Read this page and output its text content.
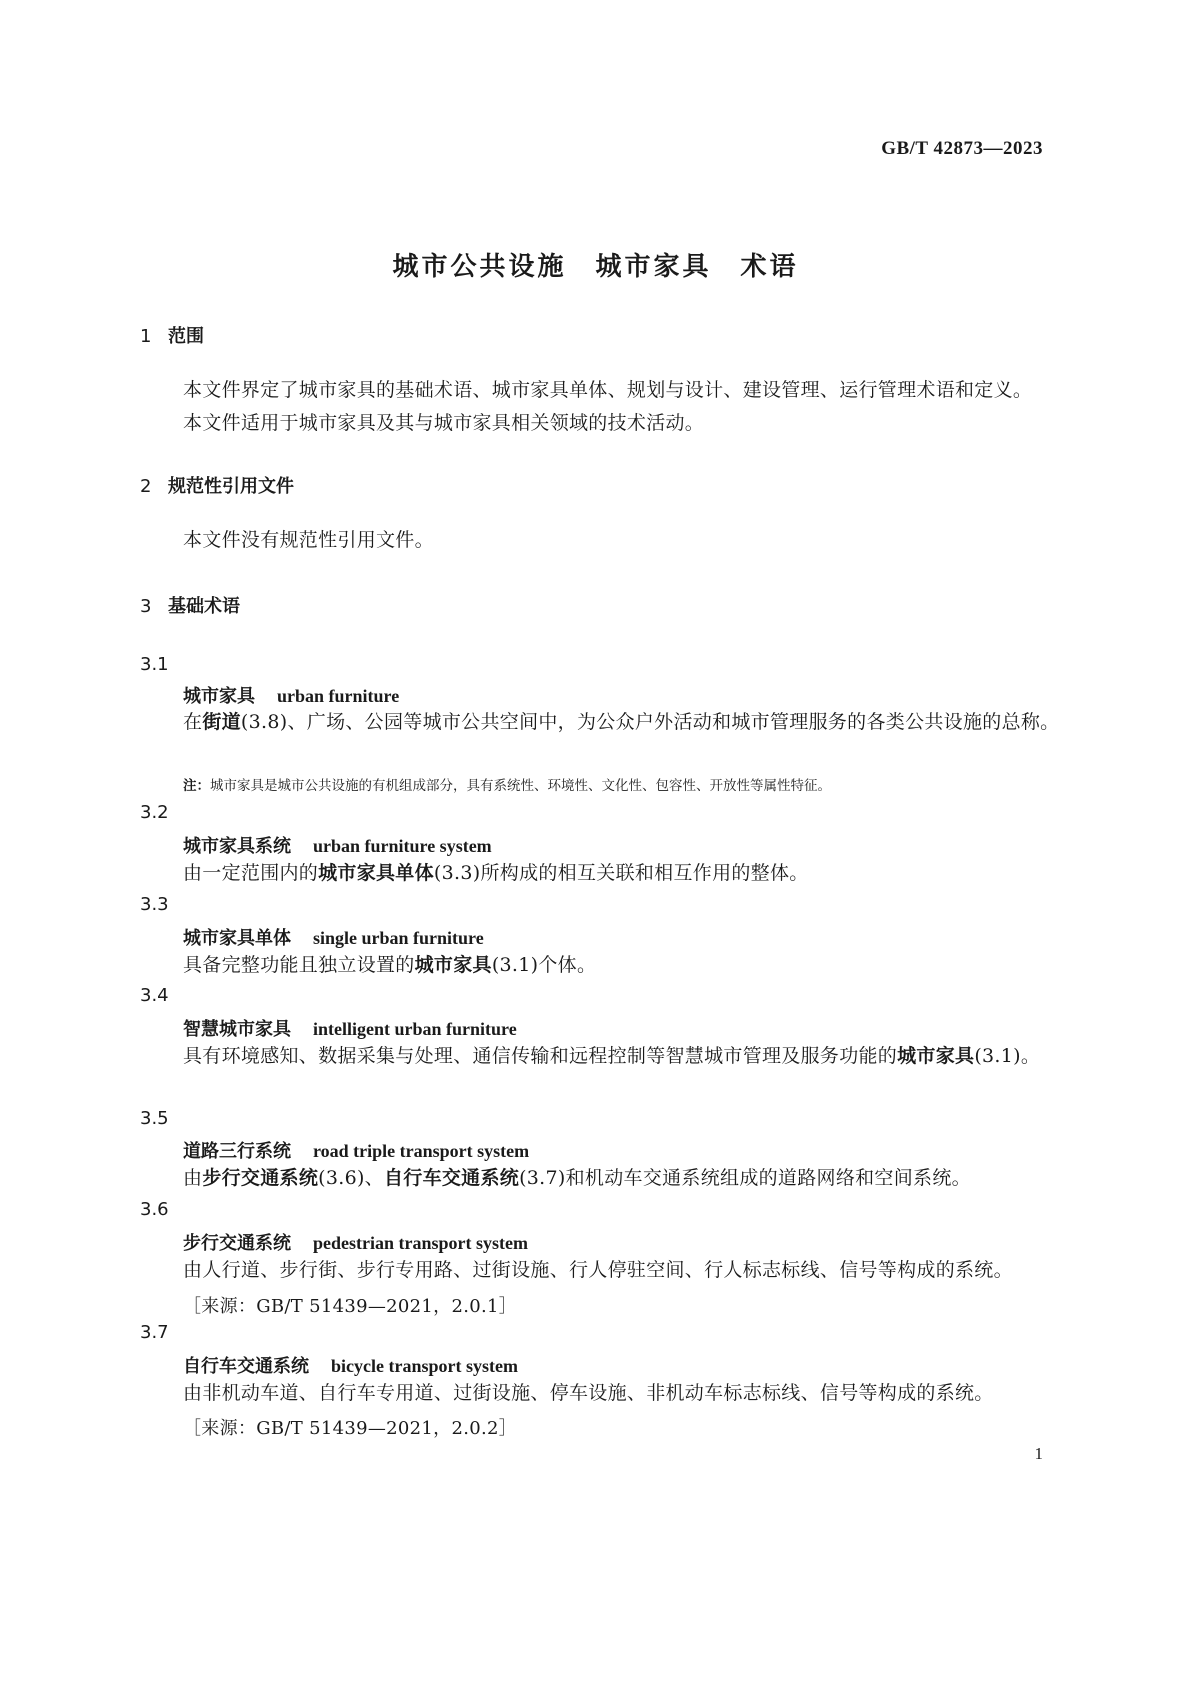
GB/T 42873—2023
城市公共设施　城市家具　术语
1 范围

本文件界定了城市家具的基础术语、城市家具单体、规划与设计、建设管理、运行管理术语和定义。

本文件适用于城市家具及其与城市家具相关领域的技术活动。

2 规范性引用文件

本文件没有规范性引用文件。

3 基础术语

3.1

城市家具 urban furniture

在街道(3.8)、广场、公园等城市公共空间中，为公众户外活动和城市管理服务的各类公共设施的总称。

注：城市家具是城市公共设施的有机组成部分，具有系统性、环境性、文化性、包容性、开放性等属性特征。

3.2

城市家具系统 urban furniture system

由一定范围内的城市家具单体(3.3)所构成的相互关联和相互作用的整体。

3.3

城市家具单体 single urban furniture

具备完整功能且独立设置的城市家具(3.1)个体。

3.4

智慧城市家具 intelligent urban furniture

具有环境感知、数据采集与处理、通信传输和远程控制等智慧城市管理及服务功能的城市家具(3.1)。

3.5

道路三行系统 road triple transport system

由步行交通系统(3.6)、自行车交通系统(3.7)和机动车交通系统组成的道路网络和空间系统。

3.6

步行交通系统 pedestrian transport system

由人行道、步行街、步行专用路、过街设施、行人停驻空间、行人标志标线、信号等构成的系统。

［来源：GB/T 51439—2021，2.0.1］

3.7

自行车交通系统 bicycle transport system

由非机动车道、自行车专用道、过街设施、停车设施、非机动车标志标线、信号等构成的系统。

［来源：GB/T 51439—2021，2.0.2］

1
